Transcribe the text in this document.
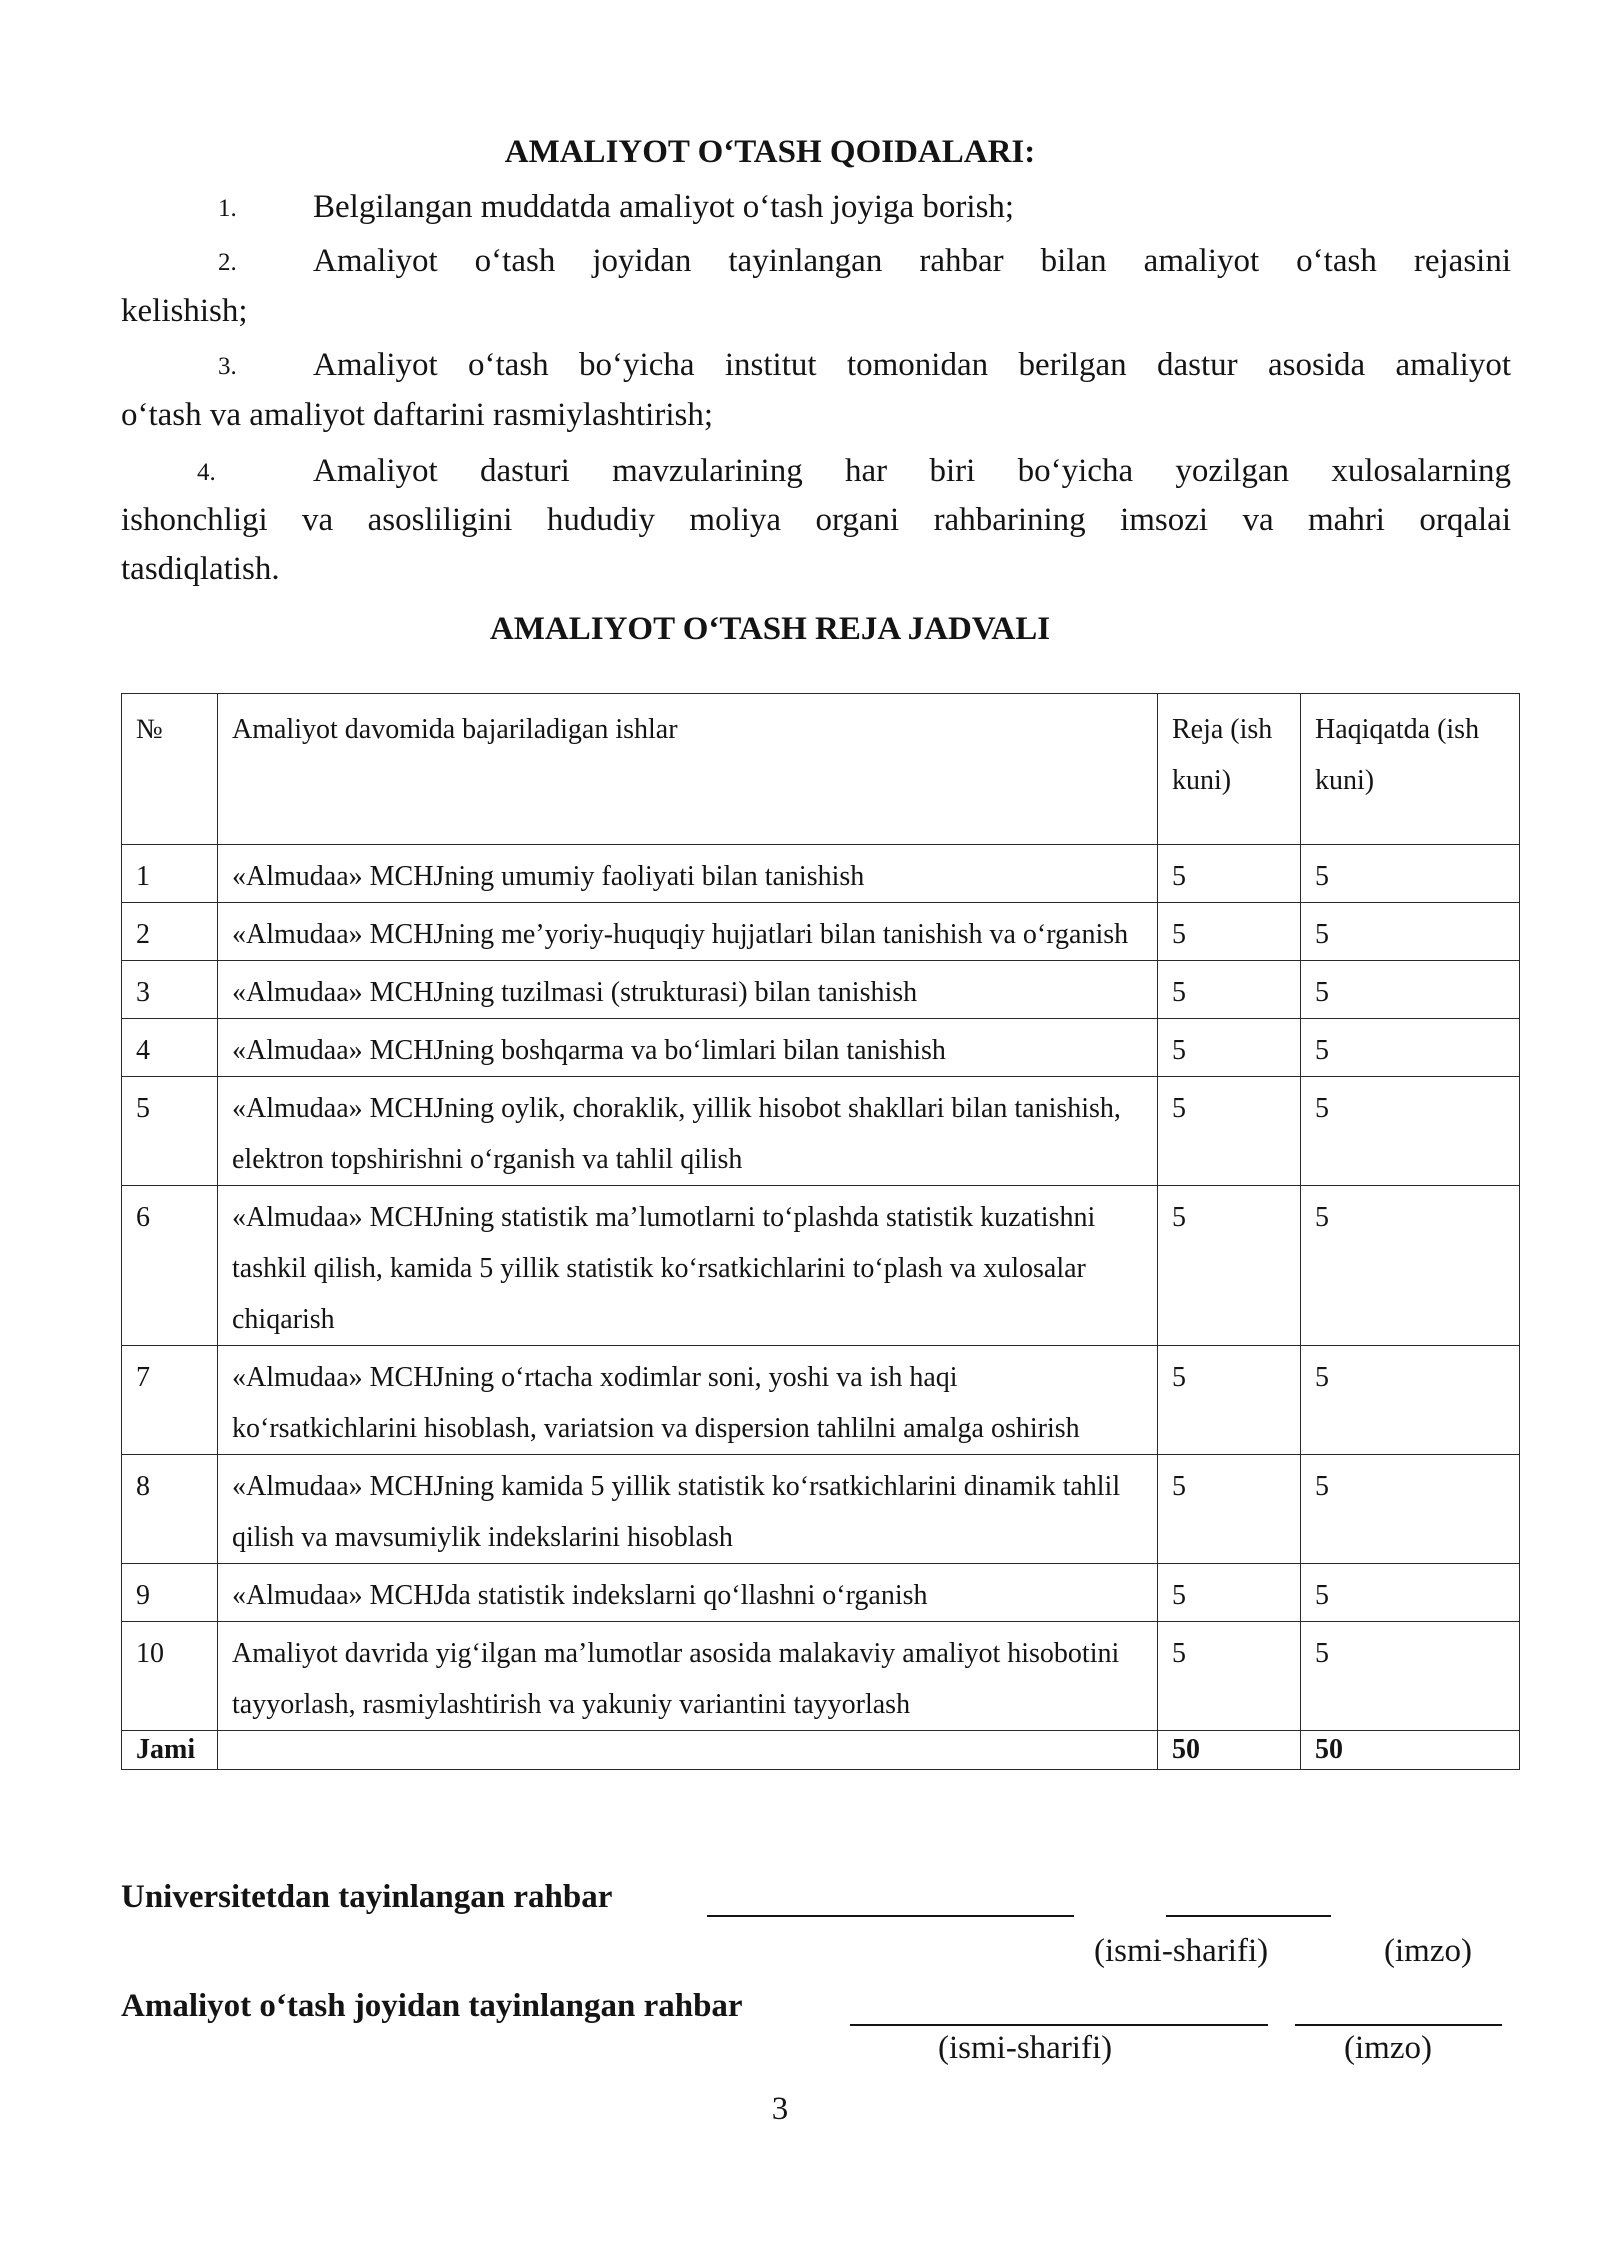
AMALIYOT O‘TASH QOIDALARI:
1. Belgilangan muddatda amaliyot o‘tash joyiga borish;
2. Amaliyot o‘tash joyidan tayinlangan rahbar bilan amaliyot o‘tash rejasini
kelishish;
3. Amaliyot o‘tash bo‘yicha institut tomonidan berilgan dastur asosida amaliyot
o‘tash va amaliyot daftarini rasmiylashtirish;
4.	Amaliyot dasturi mavzularining har biri bo‘yicha yozilgan xulosalarning
ishonchligi va asosliligini hududiy moliya organi rahbarining imsozi va mahri orqalai
tasdiqlatish.
AMALIYOT O‘TASH REJA JADVALI
№	Amaliyot davomida bajariladigan ishlar	Reja (ish kuni)	Haqiqatda (ish kuni)
1	«Almudaa» MCHJning umumiy faoliyati bilan tanishish	5	5
2	«Almudaa» MCHJning me’yoriy-huquqiy hujjatlari bilan tanishish va o‘rganish	5	5
3	«Almudaa» MCHJning tuzilmasi (strukturasi) bilan tanishish	5	5
4	«Almudaa» MCHJning boshqarma va bo‘limlari bilan tanishish	5	5
5	«Almudaa» MCHJning oylik, choraklik, yillik hisobot shakllari bilan tanishish, elektron topshirishni o‘rganish va tahlil qilish	5	5
6	«Almudaa» MCHJning statistik ma’lumotlarni to‘plashda statistik kuzatishni tashkil qilish, kamida 5 yillik statistik ko‘rsatkichlarini to‘plash va xulosalar chiqarish	5	5
7	«Almudaa» MCHJning o‘rtacha xodimlar soni, yoshi va ish haqi ko‘rsatkichlarini hisoblash, variatsion va dispersion tahlilni amalga oshirish	5	5
8	«Almudaa» MCHJning kamida 5 yillik statistik ko‘rsatkichlarini dinamik tahlil qilish va mavsumiylik indekslarini hisoblash	5	5
9	«Almudaa» MCHJda statistik indekslarni qo‘llashni o‘rganish	5	5
10	Amaliyot davrida yig‘ilgan ma’lumotlar asosida malakaviy amaliyot hisobotini tayyorlash, rasmiylashtirish va yakuniy variantini tayyorlash	5	5
Jami		50	50
Universitetdan tayinlangan rahbar
(ismi-sharifi)	(imzo)
Amaliyot o‘tash joyidan tayinlangan rahbar
(ismi-sharifi)	(imzo)
3
